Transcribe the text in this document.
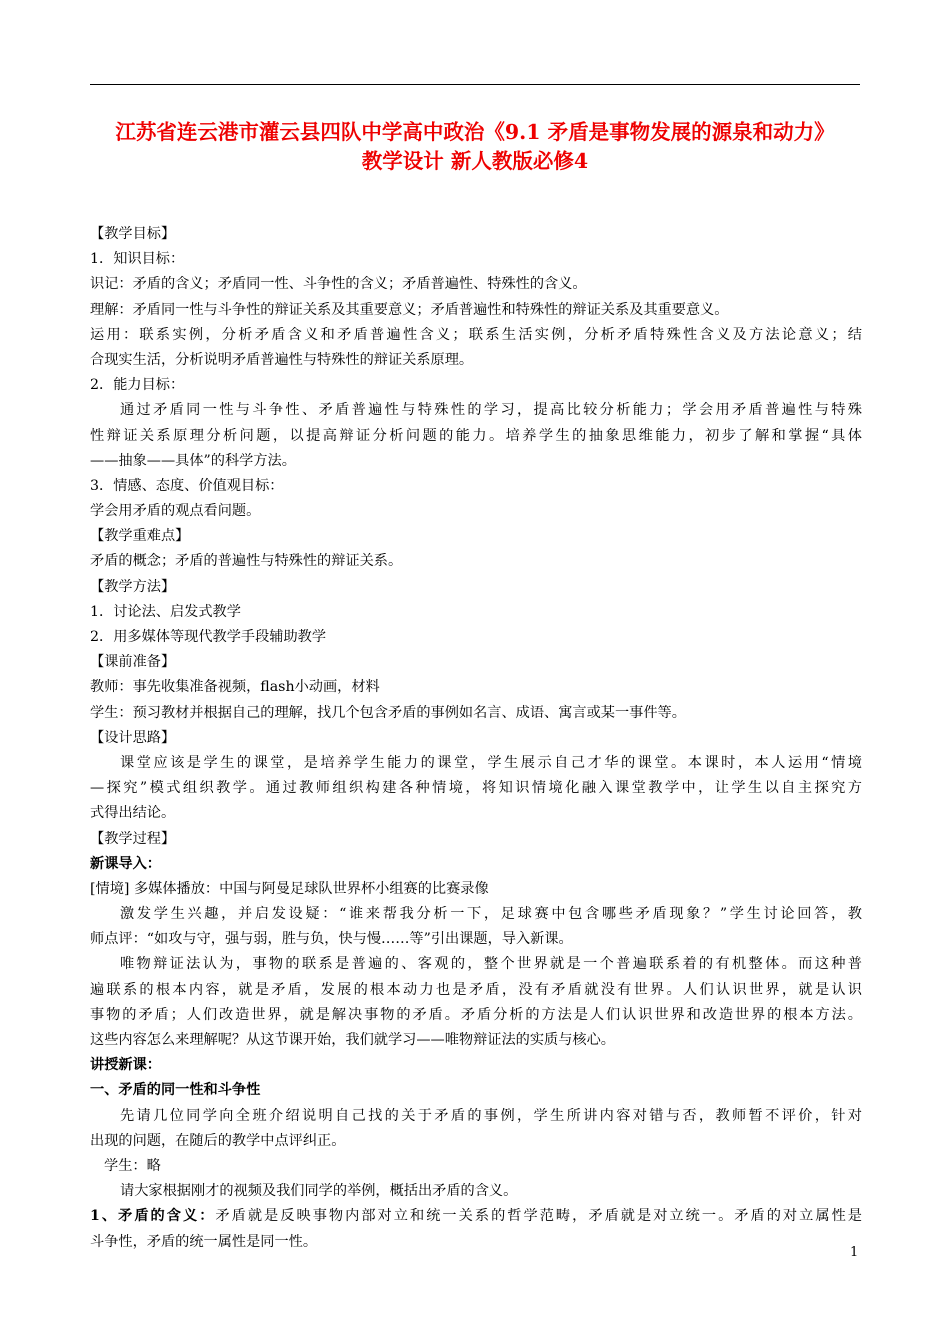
江苏省连云港市灌云县四队中学高中政治《9.1 矛盾是事物发展的源泉和动力》
教学设计 新人教版必修4
【教学目标】
1．知识目标：
识记：矛盾的含义；矛盾同一性、斗争性的含义；矛盾普遍性、特殊性的含义。
理解：矛盾同一性与斗争性的辩证关系及其重要意义；矛盾普遍性和特殊性的辩证关系及其重要意义。
运用：联系实例，分析矛盾含义和矛盾普遍性含义；联系生活实例，分析矛盾特殊性含义及方法论意义；结
合现实生活，分析说明矛盾普遍性与特殊性的辩证关系原理。
2．能力目标：
通过矛盾同一性与斗争性、矛盾普遍性与特殊性的学习，提高比较分析能力；学会用矛盾普遍性与特殊
性辩证关系原理分析问题，以提高辩证分析问题的能力。培养学生的抽象思维能力，初步了解和掌握“具体
——抽象——具体”的科学方法。
3．情感、态度、价值观目标：
学会用矛盾的观点看问题。
【教学重难点】
矛盾的概念；矛盾的普遍性与特殊性的辩证关系。
【教学方法】
1．讨论法、启发式教学
2．用多媒体等现代教学手段辅助教学
【课前准备】
教师：事先收集准备视频，flash小动画，材料
学生：预习教材并根据自己的理解，找几个包含矛盾的事例如名言、成语、寓言或某一事件等。
【设计思路】
课堂应该是学生的课堂，是培养学生能力的课堂，学生展示自己才华的课堂。本课时，本人运用“情境
—探究”模式组织教学。通过教师组织构建各种情境，将知识情境化融入课堂教学中，让学生以自主探究方
式得出结论。
【教学过程】
新课导入：
[情境] 多媒体播放：中国与阿曼足球队世界杯小组赛的比赛录像
激发学生兴趣，并启发设疑：“谁来帮我分析一下，足球赛中包含哪些矛盾现象？”学生讨论回答，教
师点评：“如攻与守，强与弱，胜与负，快与慢……等”引出课题，导入新课。
唯物辩证法认为，事物的联系是普遍的、客观的，整个世界就是一个普遍联系着的有机整体。而这种普
遍联系的根本内容，就是矛盾，发展的根本动力也是矛盾，没有矛盾就没有世界。人们认识世界，就是认识
事物的矛盾；人们改造世界，就是解决事物的矛盾。矛盾分析的方法是人们认识世界和改造世界的根本方法。
这些内容怎么来理解呢？从这节课开始，我们就学习——唯物辩证法的实质与核心。
讲授新课：
一、矛盾的同一性和斗争性
先请几位同学向全班介绍说明自己找的关于矛盾的事例，学生所讲内容对错与否，教师暂不评价，针对
出现的问题，在随后的教学中点评纠正。
学生：略
请大家根据刚才的视频及我们同学的举例，概括出矛盾的含义。
1、矛盾的含义：矛盾就是反映事物内部对立和统一关系的哲学范畴，矛盾就是对立统一。矛盾的对立属性是
斗争性，矛盾的统一属性是同一性。
1
